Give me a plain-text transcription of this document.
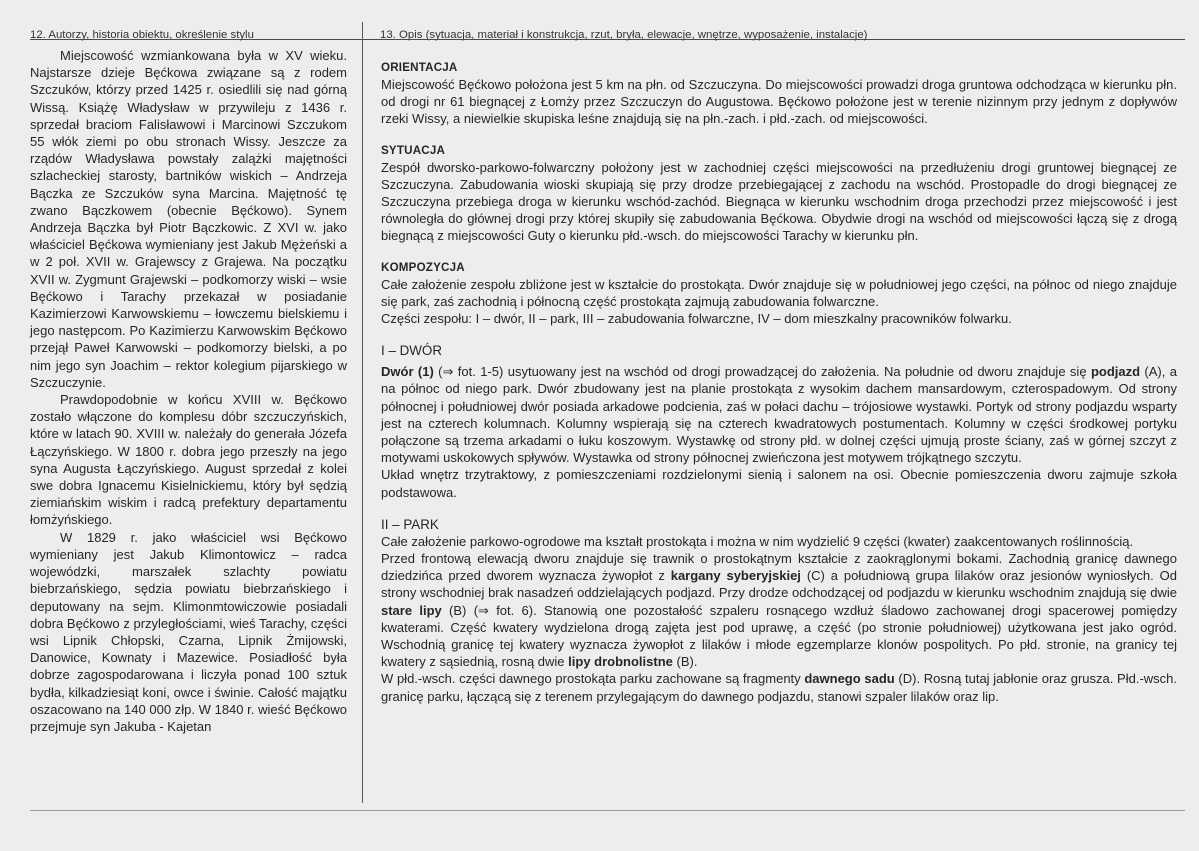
12. Autorzy, historia obiektu, określenie stylu	13. Opis (sytuacja, materiał i konstrukcja, rzut, bryła, elewacje, wnętrze, wyposażenie, instalacje)

Miejscowość wzmiankowana była w XV wieku. Najstarsze dzieje Bęćkowa związane są z rodem Szczuków, którzy przed 1425 r. osiedlili się nad górną Wissą. Książę Władysław w przywileju z 1436 r. sprzedał braciom Falisławowi i Marcinowi Szczukom 55 włók ziemi po obu stronach Wissy. Jeszcze za rządów Władysława powstały zalążki majętności szlacheckiej starosty, bartników wiskich – Andrzeja Bączka ze Szczuków syna Marcina. Majętność tę zwano Bączkowem (obecnie Bęćkowo). Synem Andrzeja Bączka był Piotr Bączkowic. Z XVI w. jako właściciel Bęćkowa wymieniany jest Jakub Mężeński a w 2 poł. XVII w. Grajewscy z Grajewa. Na początku XVII w. Zygmunt Grajewski – podkomorzy wiski – wsie Bęćkowo i Tarachy przekazał w posiadanie Kazimierzowi Karwowskiemu – łowczemu bielskiemu i jego następcom. Po Kazimierzu Karwowskim Bęćkowo przejął Paweł Karwowski – podkomorzy bielski, a po nim jego syn Joachim – rektor kolegium pijarskiego w Szczuczynie.

Prawdopodobnie w końcu XVIII w. Bęćkowo zostało włączone do komplesu dóbr szczuczyńskich, które w latach 90. XVIII w. należały do generała Józefa Łączyńskiego. W 1800 r. dobra jego przeszły na jego syna Augusta Łączyńskiego. August sprzedał z kolei swe dobra Ignacemu Kisielnickiemu, który był sędzią ziemiańskim wiskim i radcą prefektury departamentu łomżyńskiego.

W 1829 r. jako właściciel wsi Bęćkowo wymieniany jest Jakub Klimontowicz – radca wojewódzki, marszałek szlachty powiatu biebrzańskiego, sędzia powiatu biebrzańskiego i deputowany na sejm. Klimonmtowiczowie posiadali dobra Bęćkowo z przyległościami, wieś Tarachy, części wsi Lipnik Chłopski, Czarna, Lipnik Żmijowski, Danowice, Kownaty i Mazewice. Posiadłość była dobrze zagospodarowana i liczyła ponad 100 sztuk bydła, kilkadziesiąt koni, owce i świnie. Całość majątku oszacowano na 140 000 złp. W 1840 r. wieść Bęćkowo przejmuje syn Jakuba - Kajetan

ORIENTACJA

Miejscowość Bęćkowo położona jest 5 km na płn. od Szczuczyna. Do miejscowości prowadzi droga gruntowa odchodząca w kierunku płn. od drogi nr 61 biegnącej z Łomży przez Szczuczyn do Augustowa. Bęćkowo położone jest w terenie nizinnym przy jednym z dopływów rzeki Wissy, a niewielkie skupiska leśne znajdują się na płn.-zach. i płd.-zach. od miejscowości.

SYTUACJA

Zespół dworsko-parkowo-folwarczny położony jest w zachodniej części miejscowości na przedłużeniu drogi gruntowej biegnącej ze Szczuczyna. Zabudowania wioski skupiają się przy drodze przebiegającej z zachodu na wschód. Prostopadle do drogi biegnącej ze Szczuczyna przebiega droga w kierunku wschód-zachód. Biegnąca w kierunku wschodnim droga przechodzi przez miejscowość i jest równoległa do głównej drogi przy której skupiły się zabudowania Bęćkowa. Obydwie drogi na wschód od miejscowości łączą się z drogą biegnącą z miejscowości Guty o kierunku płd.-wsch. do miejscowości Tarachy w kierunku płn.

KOMPOZYCJA

Całe założenie zespołu zbliżone jest w kształcie do prostokąta. Dwór znajduje się w południowej jego części, na północ od niego znajduje się park, zaś zachodnią i północną część prostokąta zajmują zabudowania folwarczne.

Części zespołu: I – dwór, II – park, III – zabudowania folwarczne, IV – dom mieszkalny pracowników folwarku.

I – DWÓR

Dwór (1) (⇒ fot. 1-5) usytuowany jest na wschód od drogi prowadzącej do założenia. Na południe od dworu znajduje się podjazd (A), a na północ od niego park. Dwór zbudowany jest na planie prostokąta z wysokim dachem mansardowym, czterospadowym. Od strony północnej i południowej dwór posiada arkadowe podcienia, zaś w połaci dachu – trójosiowe wystawki. Portyk od strony podjazdu wsparty jest na czterech kolumnach. Kolumny wspierają się na czterech kwadratowych postumentach. Kolumny w części środkowej portyku połączone są trzema arkadami o łuku koszowym. Wystawkę od strony płd. w dolnej części ujmują proste ściany, zaś w górnej szczyt z motywami uskokowych spływów. Wystawka od strony północnej zwieńczona jest motywem trójkątnego szczytu.

Układ wnętrz trzytraktowy, z pomieszczeniami rozdzielonymi sienią i salonem na osi. Obecnie pomieszczenia dworu zajmuje szkoła podstawowa.

II – PARK

Całe założenie parkowo-ogrodowe ma kształt prostokąta i można w nim wydzielić 9 części (kwater) zaakcentowanych roślinnością.

Przed frontową elewacją dworu znajduje się trawnik o prostokątnym kształcie z zaokrąglonymi bokami. Zachodnią granicę dawnego dziedzińca przed dworem wyznacza żywopłot z kargany syberyjskiej (C) a południową grupa lilaków oraz jesionów wyniosłych. Od strony wschodniej brak nasadzeń oddzielających podjazd. Przy drodze odchodzącej od podjazdu w kierunku wschodnim znajdują się dwie stare lipy (B) (⇒ fot. 6). Stanowią one pozostałość szpaleru rosnącego wzdłuż śladowo zachowanej drogi spacerowej pomiędzy kwaterami. Część kwatery wydzielona drogą zajęta jest pod uprawę, a część (po stronie południowej) użytkowana jest jako ogród. Wschodnią granicę tej kwatery wyznacza żywopłot z lilaków i młode egzemplarze klonów pospolitych. Po płd. stronie, na granicy tej kwatery z sąsiednią, rosną dwie lipy drobnolistne (B).

W płd.-wsch. części dawnego prostokąta parku zachowane są fragmenty dawnego sadu (D). Rosną tutaj jabłonie oraz grusza. Płd.-wsch. granicę parku, łączącą się z terenem przylegającym do dawnego podjazdu, stanowi szpaler lilaków oraz lip.
